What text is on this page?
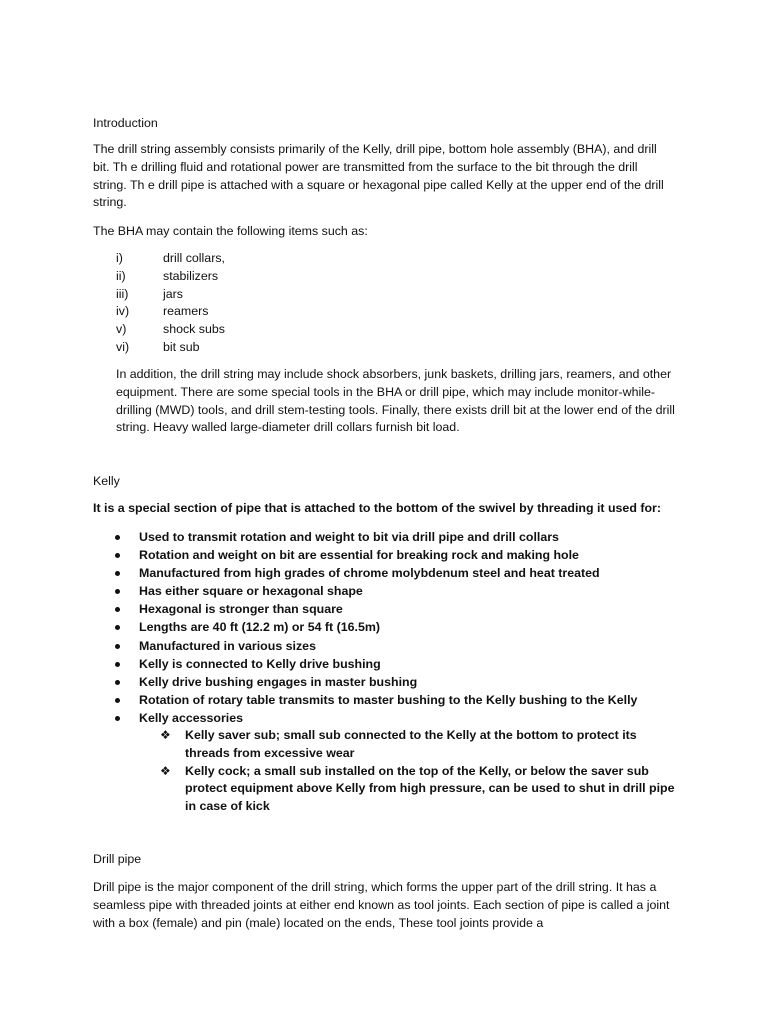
Introduction

The drill string assembly consists primarily of the Kelly, drill pipe, bottom hole assembly (BHA), and drill bit. Th e drilling fluid and rotational power are transmitted from the surface to the bit through the drill string. Th e drill pipe is attached with a square or hexagonal pipe called Kelly at the upper end of the drill string.

The BHA may contain the following items such as:

i)	drill collars,
ii)	stabilizers
iii)	jars
iv)	reamers
v)	shock subs
vi)	bit sub

In addition, the drill string may include shock absorbers, junk baskets, drilling jars, reamers, and other equipment. There are some special tools in the BHA or drill pipe, which may include monitor-while-drilling (MWD) tools, and drill stem-testing tools. Finally, there exists drill bit at the lower end of the drill string. Heavy walled large-diameter drill collars furnish bit load.

Kelly

It is a special section of pipe that is attached to the bottom of the swivel by threading it used for:

Used to transmit rotation and weight to bit via drill pipe and drill collars
Rotation and weight on bit are essential for breaking rock and making hole
Manufactured from high grades of chrome molybdenum steel and heat treated
Has either square or hexagonal shape
Hexagonal is stronger than square
Lengths are 40 ft (12.2 m) or 54 ft (16.5m)
Manufactured in various sizes
Kelly is connected to Kelly drive bushing
Kelly drive bushing engages in master bushing
Rotation of rotary table transmits to master bushing to the Kelly bushing to the Kelly
Kelly accessories
❖	Kelly saver sub; small sub connected to the Kelly at the bottom to protect its threads from excessive wear
❖	Kelly cock; a small sub installed on the top of the Kelly, or below the saver sub protect equipment above Kelly from high pressure, can be used to shut in drill pipe in case of kick
Drill pipe

Drill pipe is the major component of the drill string, which forms the upper part of the drill string. It has a seamless pipe with threaded joints at either end known as tool joints. Each section of pipe is called a joint with a box (female) and pin (male) located on the ends, These tool joints provide a
